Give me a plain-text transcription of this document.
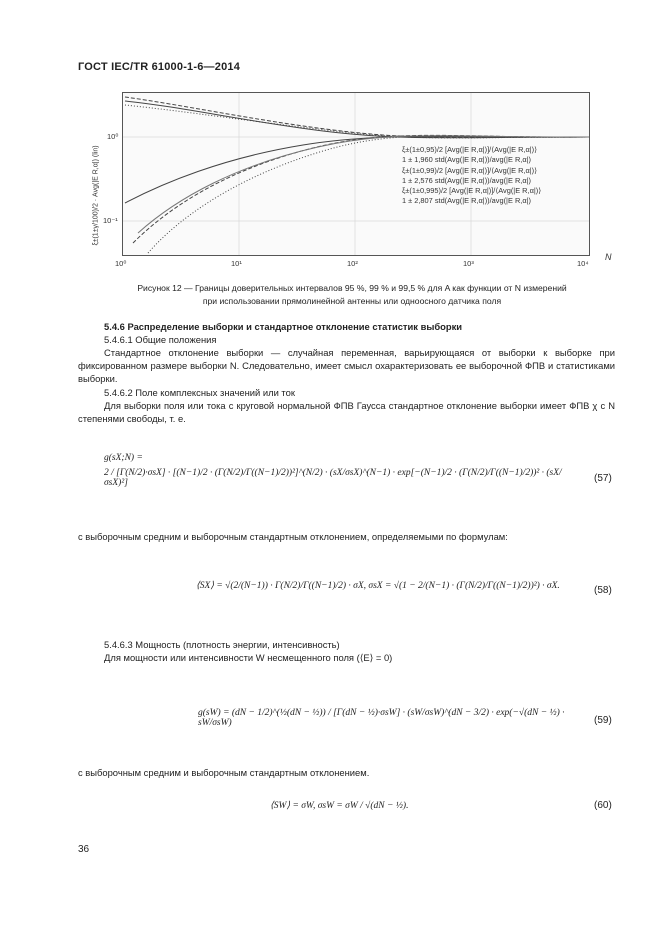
ГОСТ IEC/TR 61000-1-6—2014
ξ±(1±γ/100)/2 · Avg(|E R,α|) (lin)
10⁰
10⁻¹
10⁰	10¹	10²	10³	10⁴
N
ξ±(1±0,95)/2 [Avg(|E R,α|)]/⟨Avg(|E R,α|)⟩
1 ± 1,960 std(Avg(|E R,α|))/avg(|E R,α|)
ξ±(1±0,99)/2 [Avg(|E R,α|)]/⟨Avg(|E R,α|)⟩
1 ± 2,576 std(Avg(|E R,α|))/avg(|E R,α|)
ξ±(1±0,995)/2 [Avg(|E R,α|)]/⟨Avg(|E R,α|)⟩
1 ± 2,807 std(Avg(|E R,α|))/avg(|E R,α|)
Рисунок 12 — Границы доверительных интервалов 95 %, 99 % и 99,5 % для A как функции от N измерений
при использовании прямолинейной антенны или одноосного датчика поля
5.4.6 Распределение выборки и стандартное отклонение статистик выборки
5.4.6.1 Общие положения
Стандартное отклонение выборки — случайная переменная, варьирующаяся от выборки к выборке при фиксированном размере выборки N. Следовательно, имеет смысл охарактеризовать ее выборочной ФПВ и статистиками выборки.
5.4.6.2 Поле комплексных значений или ток
Для выборки поля или тока с круговой нормальной ФПВ Гаусса стандартное отклонение выборки имеет ФПВ χ с N степенями свободы, т. е.
2 / [Γ(N/2)·σsX] · [(N−1)/2 · (Γ(N/2)/Γ((N−1)/2))²]^(N/2) · (sX/σsX)^(N−1) · exp[−(N−1)/2 · (Γ(N/2)/Γ((N−1)/2))² · (sX/σsX)²]
g(sX;N) =
(57)
с выборочным средним и выборочным стандартным отклонением, определяемыми по формулам:
⟨SX⟩ = √(2/(N−1)) · Γ(N/2)/Γ((N−1)/2) · σX, σsX = √(1 − 2/(N−1) · (Γ(N/2)/Γ((N−1)/2))²) · σX.	(58)
5.4.6.3 Мощность (плотность энергии, интенсивность)
Для мощности или интенсивности W несмещенного поля (⟨E⟩ = 0)
g(sW) = (dN − 1/2)^(½(dN − ½)) / [Γ(dN − ½)·σsW] · (sW/σsW)^(dN − 3/2) · exp(−√(dN − ½) · sW/σsW)	(59)
с выборочным средним и выборочным стандартным отклонением.
⟨SW⟩ = σW, σsW = σW / √(dN − ½).	(60)
36
